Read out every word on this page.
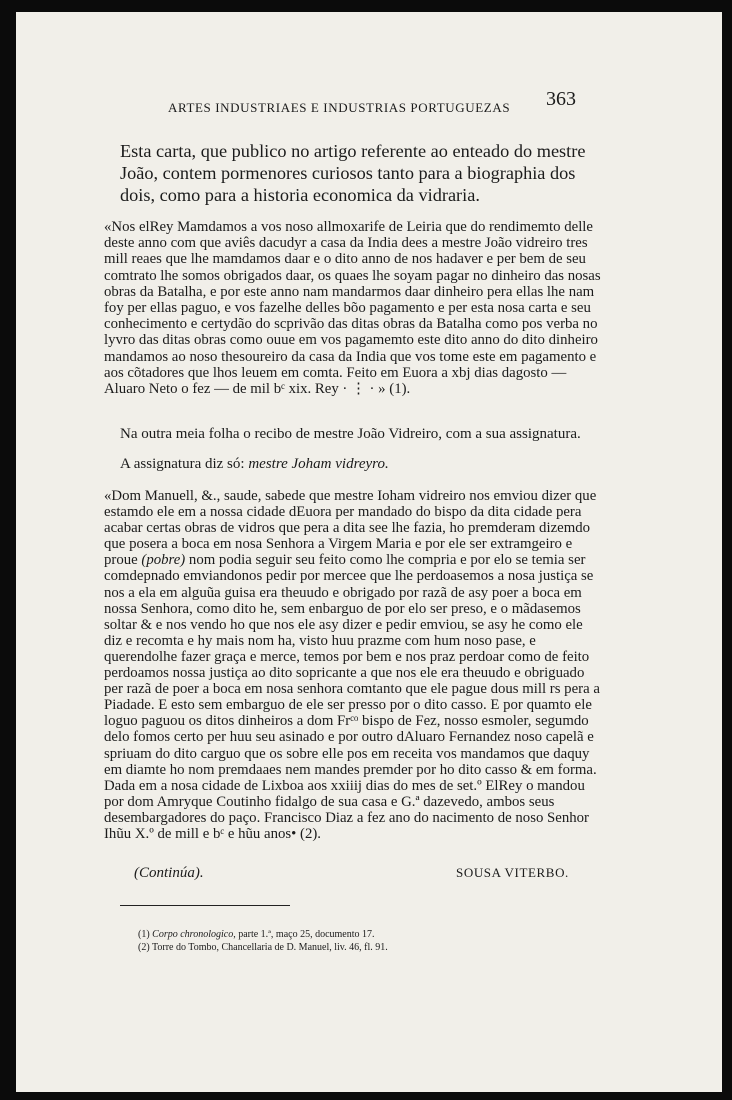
ARTES INDUSTRIAES E INDUSTRIAS PORTUGUEZAS	363

Esta carta, que publico no artigo referente ao enteado do mestre João, contem pormenores curiosos tanto para a biographia dos dois, como para a historia economica da vidraria.

«Nos elRey Mamdamos a vos noso allmoxarife de Leiria que do rendimemto delle deste anno com que aviês dacudyr a casa da India dees a mestre João vidreiro tres mill reaes que lhe mamdamos daar e o dito anno de nos hadaver e per bem de seu comtrato lhe somos obrigados daar, os quaes lhe soyam pagar no dinheiro das nosas obras da Batalha, e por este anno nam mandarmos daar dinheiro pera ellas lhe nam foy per ellas paguo, e vos fazelhe delles bõo pagamento e per esta nosa carta e seu conhecimento e certydão do scprivão das ditas obras da Batalha como pos verba no lyvro das ditas obras como ouue em vos pagamemto este dito anno do dito dinheiro mandamos ao noso thesoureiro da casa da India que vos tome este em pagamento e aos cõtadores que lhos leuem em comta. Feito em Euora a xbj dias dagosto — Aluaro Neto o fez — de mil bᶜ xix. Rey · ⋮ · » (1).

Na outra meia folha o recibo de mestre João Vidreiro, com a sua assignatura.

A assignatura diz só: mestre Joham vidreyro.

«Dom Manuell, &., saude, sabede que mestre Ioham vidreiro nos emviou dizer que estamdo ele em a nossa cidade dEuora per mandado do bispo da dita cidade pera acabar certas obras de vidros que pera a dita see lhe fazia, ho premderam dizemdo que posera a boca em nosa Senhora a Virgem Maria e por ele ser extramgeiro e proue (pobre) nom podia seguir seu feito como lhe compria e por elo se temia ser comdepnado emviandonos pedir por mercee que lhe perdoasemos a nosa justiça se nos a ela em alguũa guisa era theuudo e obrigado por razã de asy poer a boca em nossa Senhora, como dito he, sem enbarguo de por elo ser preso, e o mãdasemos soltar & e nos vendo ho que nos ele asy dizer e pedir emviou, se asy he como ele diz e recomta e hy mais nom ha, visto huu prazme com hum noso pase, e querendolhe fazer graça e merce, temos por bem e nos praz perdoar como de feito perdoamos nossa justiça ao dito sopricante a que nos ele era theuudo e obriguado per razã de poer a boca em nosa senhora comtanto que ele pague dous mill rs pera a Piadade. E esto sem embarguo de ele ser presso por o dito casso. E por quamto ele loguo paguou os ditos dinheiros a dom Frᶜᵒ bispo de Fez, nosso esmoler, segumdo delo fomos certo per huu seu asinado e por outro dAluaro Fernandez noso capelã e spriuam do dito carguo que os sobre elle pos em receita vos mandamos que daquy em diamte ho nom premdaaes nem mandes premder por ho dito casso & em forma. Dada em a nosa cidade de Lixboa aos xxiiij dias do mes de set.º ElRey o mandou por dom Amryque Coutinho fidalgo de sua casa e G.ª dazevedo, ambos seus desembargadores do paço. Francisco Diaz a fez ano do nacimento de noso Senhor Ihũu X.º de mill e bᶜ e hũu anos• (2).

(Continúa).	SOUSA VITERBO.
(1) Corpo chronologico, parte 1.ª, maço 25, documento 17.
(2) Torre do Tombo, Chancellaria de D. Manuel, liv. 46, fl. 91.
